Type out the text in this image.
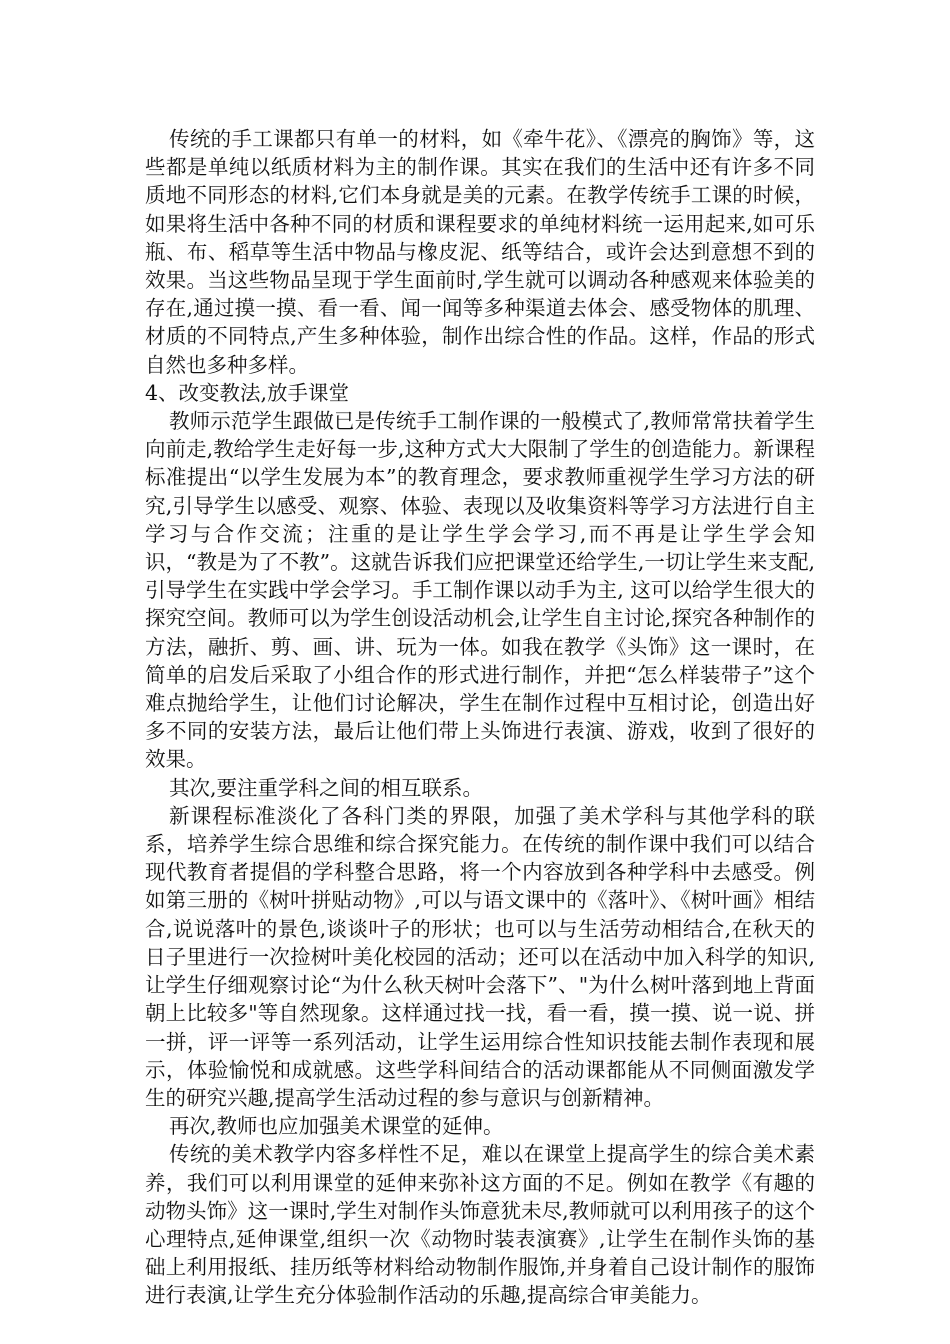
传统的手工课都只有单一的材料，如《牵牛花》、《漂亮的胸饰》等，这些都是单纯以纸质材料为主的制作课。其实在我们的生活中还有许多不同质地不同形态的材料,它们本身就是美的元素。在教学传统手工课的时候，如果将生活中各种不同的材质和课程要求的单纯材料统一运用起来,如可乐瓶、布、稻草等生活中物品与橡皮泥、纸等结合，或许会达到意想不到的效果。当这些物品呈现于学生面前时,学生就可以调动各种感观来体验美的存在,通过摸一摸、看一看、闻一闻等多种渠道去体会、感受物体的肌理、材质的不同特点,产生多种体验，制作出综合性的作品。这样，作品的形式自然也多种多样。

4、改变教法,放手课堂

教师示范学生跟做已是传统手工制作课的一般模式了,教师常常扶着学生向前走,教给学生走好每一步,这种方式大大限制了学生的创造能力。新课程标准提出“以学生发展为本”的教育理念，要求教师重视学生学习方法的研究,引导学生以感受、观察、体验、表现以及收集资料等学习方法进行自主学习与合作交流；注重的是让学生学会学习,而不再是让学生学会知识，“教是为了不教”。这就告诉我们应把课堂还给学生,一切让学生来支配,引导学生在实践中学会学习。手工制作课以动手为主, 这可以给学生很大的探究空间。教师可以为学生创设活动机会,让学生自主讨论,探究各种制作的方法，融折、剪、画、讲、玩为一体。如我在教学《头饰》这一课时，在简单的启发后采取了小组合作的形式进行制作，并把“怎么样装带子”这个难点抛给学生，让他们讨论解决，学生在制作过程中互相讨论，创造出好多不同的安装方法，最后让他们带上头饰进行表演、游戏，收到了很好的效果。

其次,要注重学科之间的相互联系。

新课程标准淡化了各科门类的界限，加强了美术学科与其他学科的联系，培养学生综合思维和综合探究能力。在传统的制作课中我们可以结合现代教育者提倡的学科整合思路，将一个内容放到各种学科中去感受。例如第三册的《树叶拼贴动物》,可以与语文课中的《落叶》、《树叶画》相结合,说说落叶的景色,谈谈叶子的形状；也可以与生活劳动相结合,在秋天的日子里进行一次捡树叶美化校园的活动；还可以在活动中加入科学的知识,让学生仔细观察讨论“为什么秋天树叶会落下”、"为什么树叶落到地上背面朝上比较多"等自然现象。这样通过找一找，看一看，摸一摸、说一说、拼一拼，评一评等一系列活动，让学生运用综合性知识技能去制作表现和展示，体验愉悦和成就感。这些学科间结合的活动课都能从不同侧面激发学生的研究兴趣,提高学生活动过程的参与意识与创新精神。

再次,教师也应加强美术课堂的延伸。

传统的美术教学内容多样性不足，难以在课堂上提高学生的综合美术素养，我们可以利用课堂的延伸来弥补这方面的不足。例如在教学《有趣的动物头饰》这一课时,学生对制作头饰意犹未尽,教师就可以利用孩子的这个心理特点,延伸课堂,组织一次《动物时装表演赛》,让学生在制作头饰的基础上利用报纸、挂历纸等材料给动物制作服饰,并身着自己设计制作的服饰进行表演,让学生充分体验制作活动的乐趣,提高综合审美能力。
